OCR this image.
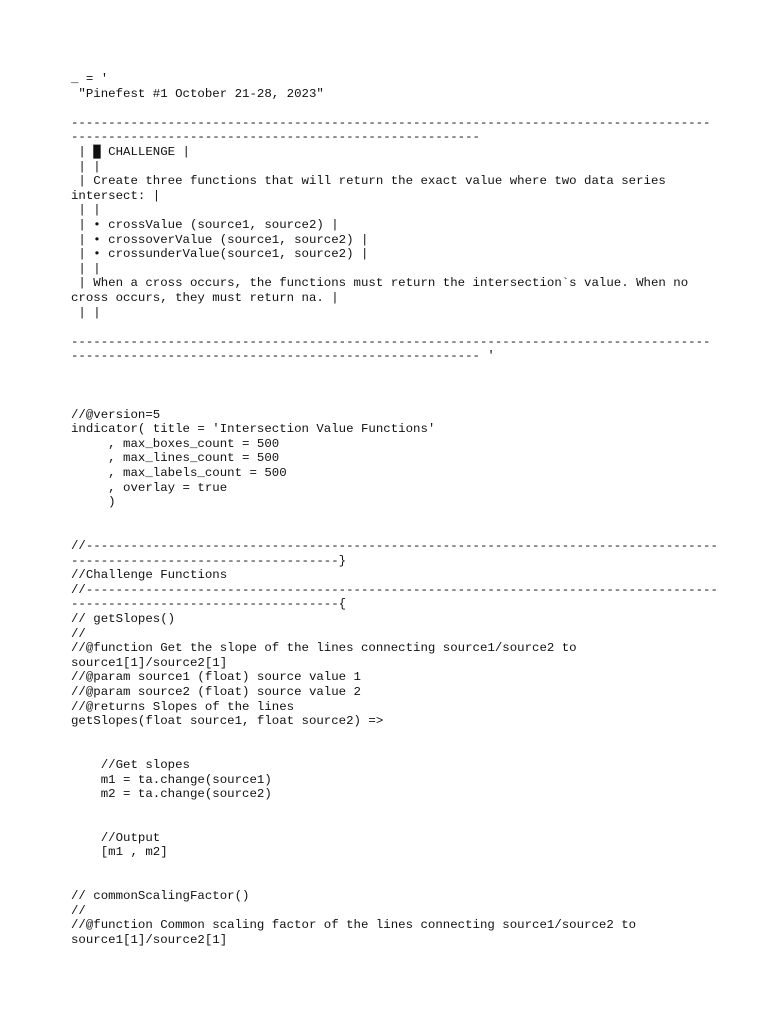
_ = '
"Pinefest #1 October 21-28, 2023"
--------------------------------------------------------------------------------------
-------------------------------------------------------
| █ CHALLENGE |
| |
| Create three functions that will return the exact value where two data series
intersect: |
| |
| • crossValue (source1, source2) |
| • crossoverValue (source1, source2) |
| • crossunderValue(source1, source2) |
| |
| When a cross occurs, the functions must return the intersection`s value. When no
cross occurs, they must return na. |
| |
--------------------------------------------------------------------------------------
------------------------------------------------------- '
//@version=5
indicator( title = 'Intersection Value Functions'
, max_boxes_count = 500
, max_lines_count = 500
, max_labels_count = 500
, overlay = true
)
//-------------------------------------------------------------------------------------
------------------------------------}
//Challenge Functions
//-------------------------------------------------------------------------------------
------------------------------------{
// getSlopes()
//
//@function Get the slope of the lines connecting source1/source2 to
source1[1]/source2[1]
//@param source1 (float) source value 1
//@param source2 (float) source value 2
//@returns Slopes of the lines
getSlopes(float source1, float source2) =>
//Get slopes
m1 = ta.change(source1)
m2 = ta.change(source2)
//Output
[m1 , m2]
// commonScalingFactor()
//
//@function Common scaling factor of the lines connecting source1/source2 to
source1[1]/source2[1]
